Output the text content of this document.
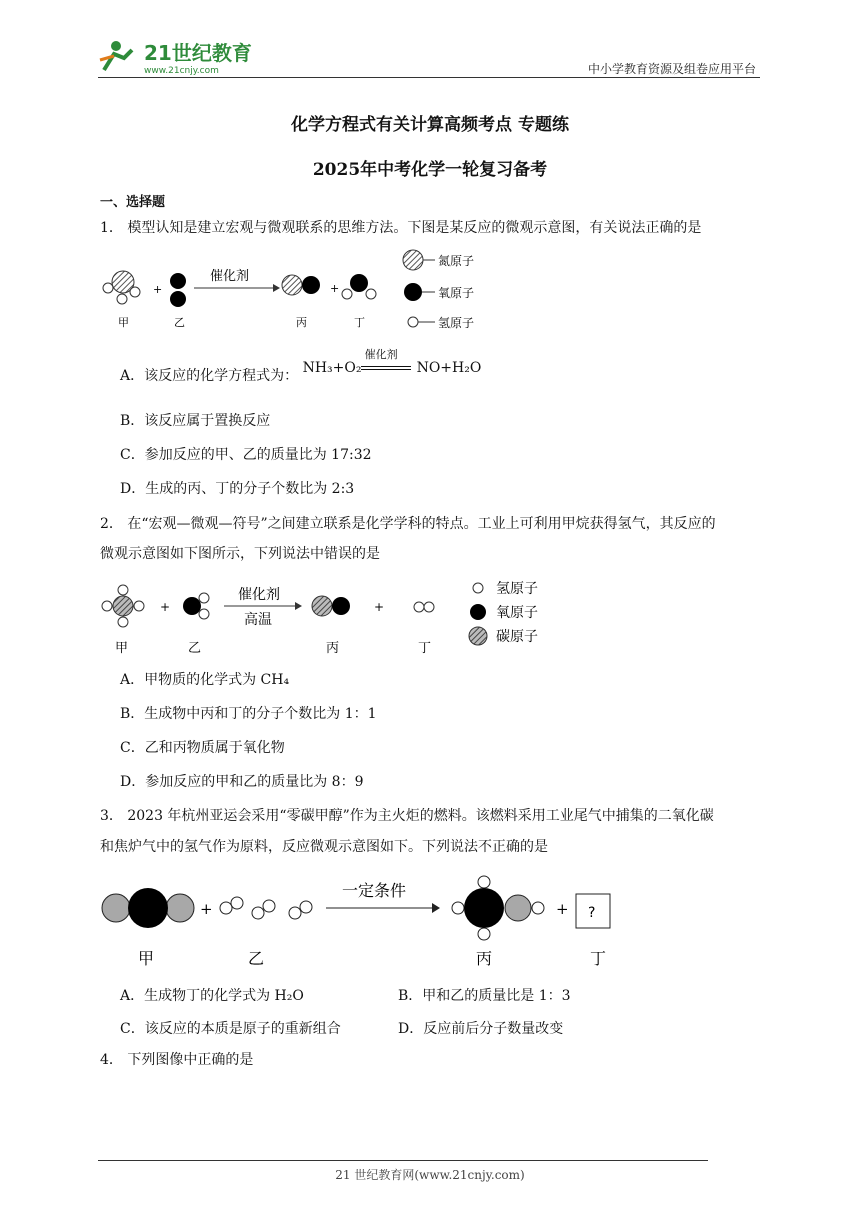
21世纪教育
www.21cnjy.com	中小学教育资源及组卷应用平台
化学方程式有关计算高频考点 专题练
2025年中考化学一轮复习备考
一、选择题
1． 模型认知是建立宏观与微观联系的思维方法。下图是某反应的微观示意图，有关说法正确的是
+
催化剂
+
甲	乙	丙	丁
氮原子
氧原子
氢原子
A．该反应的化学方程式为： NH₃+O₂
催化剂
NO+H₂O
B．该反应属于置换反应
C．参加反应的甲、乙的质量比为 17:32
D．生成的丙、丁的分子个数比为 2:3
2． 在“宏观—微观—符号”之间建立联系是化学学科的特点。工业上可利用甲烷获得氢气，其反应的
微观示意图如下图所示，下列说法中错误的是
+
催化剂
高温
+
甲	乙	丙	丁
氢原子
氧原子
碳原子
A．甲物质的化学式为 CH₄
B．生成物中丙和丁的分子个数比为 1：1
C．乙和丙物质属于氧化物
D．参加反应的甲和乙的质量比为 8：9
3． 2023 年杭州亚运会采用“零碳甲醇”作为主火炬的燃料。该燃料采用工业尾气中捕集的二氧化碳
和焦炉气中的氢气作为原料，反应微观示意图如下。下列说法不正确的是
+
一定条件
+ ?
甲	乙	丙	丁
A．生成物丁的化学式为 H₂O	B．甲和乙的质量比是 1：3
C．该反应的本质是原子的重新组合	D．反应前后分子数量改变
4． 下列图像中正确的是
21 世纪教育网(www.21cnjy.com)
